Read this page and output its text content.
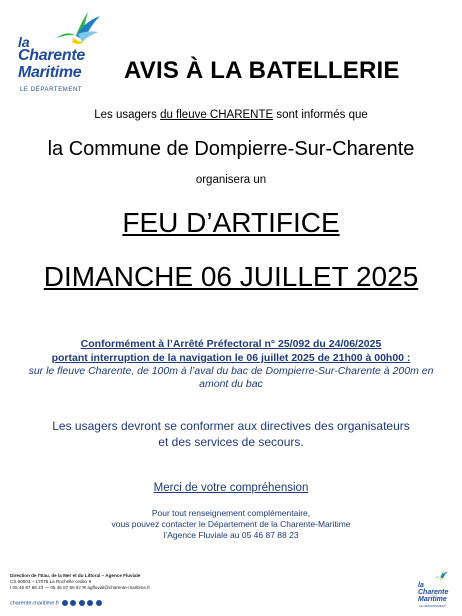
la
Charente
Maritime
LE DÉPARTEMENT
AVIS À LA BATELLERIE
Les usagers du fleuve CHARENTE sont informés que
la Commune de Dompierre-Sur-Charente
organisera un
FEU D’ARTIFICE
DIMANCHE 06 JUILLET 2025
Conformément à l’Arrêté Préfectoral n° 25/092 du 24/06/2025
portant interruption de la navigation le 06 juillet 2025 de 21h00 à 00h00 :
sur le fleuve Charente, de 100m à l’aval du bac de Dompierre-Sur-Charente à 200m en amont du bac
Les usagers devront se conformer aux directives des organisateurs
et des services de secours.
Merci de votre compréhension
Pour tout renseignement complémentaire,
vous pouvez contacter le Département de la Charente-Maritime
l’Agence Fluviale au 05 46 87 88 23
Direction de l’Eau, de la Mer et du Littoral – Agence Fluviale
CS 60003 – 17076 La Rochelle cedex 9
t 05 46 87 88 23 — 05 46 87 66 67 ✉ agfluvial@charente-maritime.fr
charente-maritime.fr
la
Charente
Maritime
LE DÉPARTEMENT
